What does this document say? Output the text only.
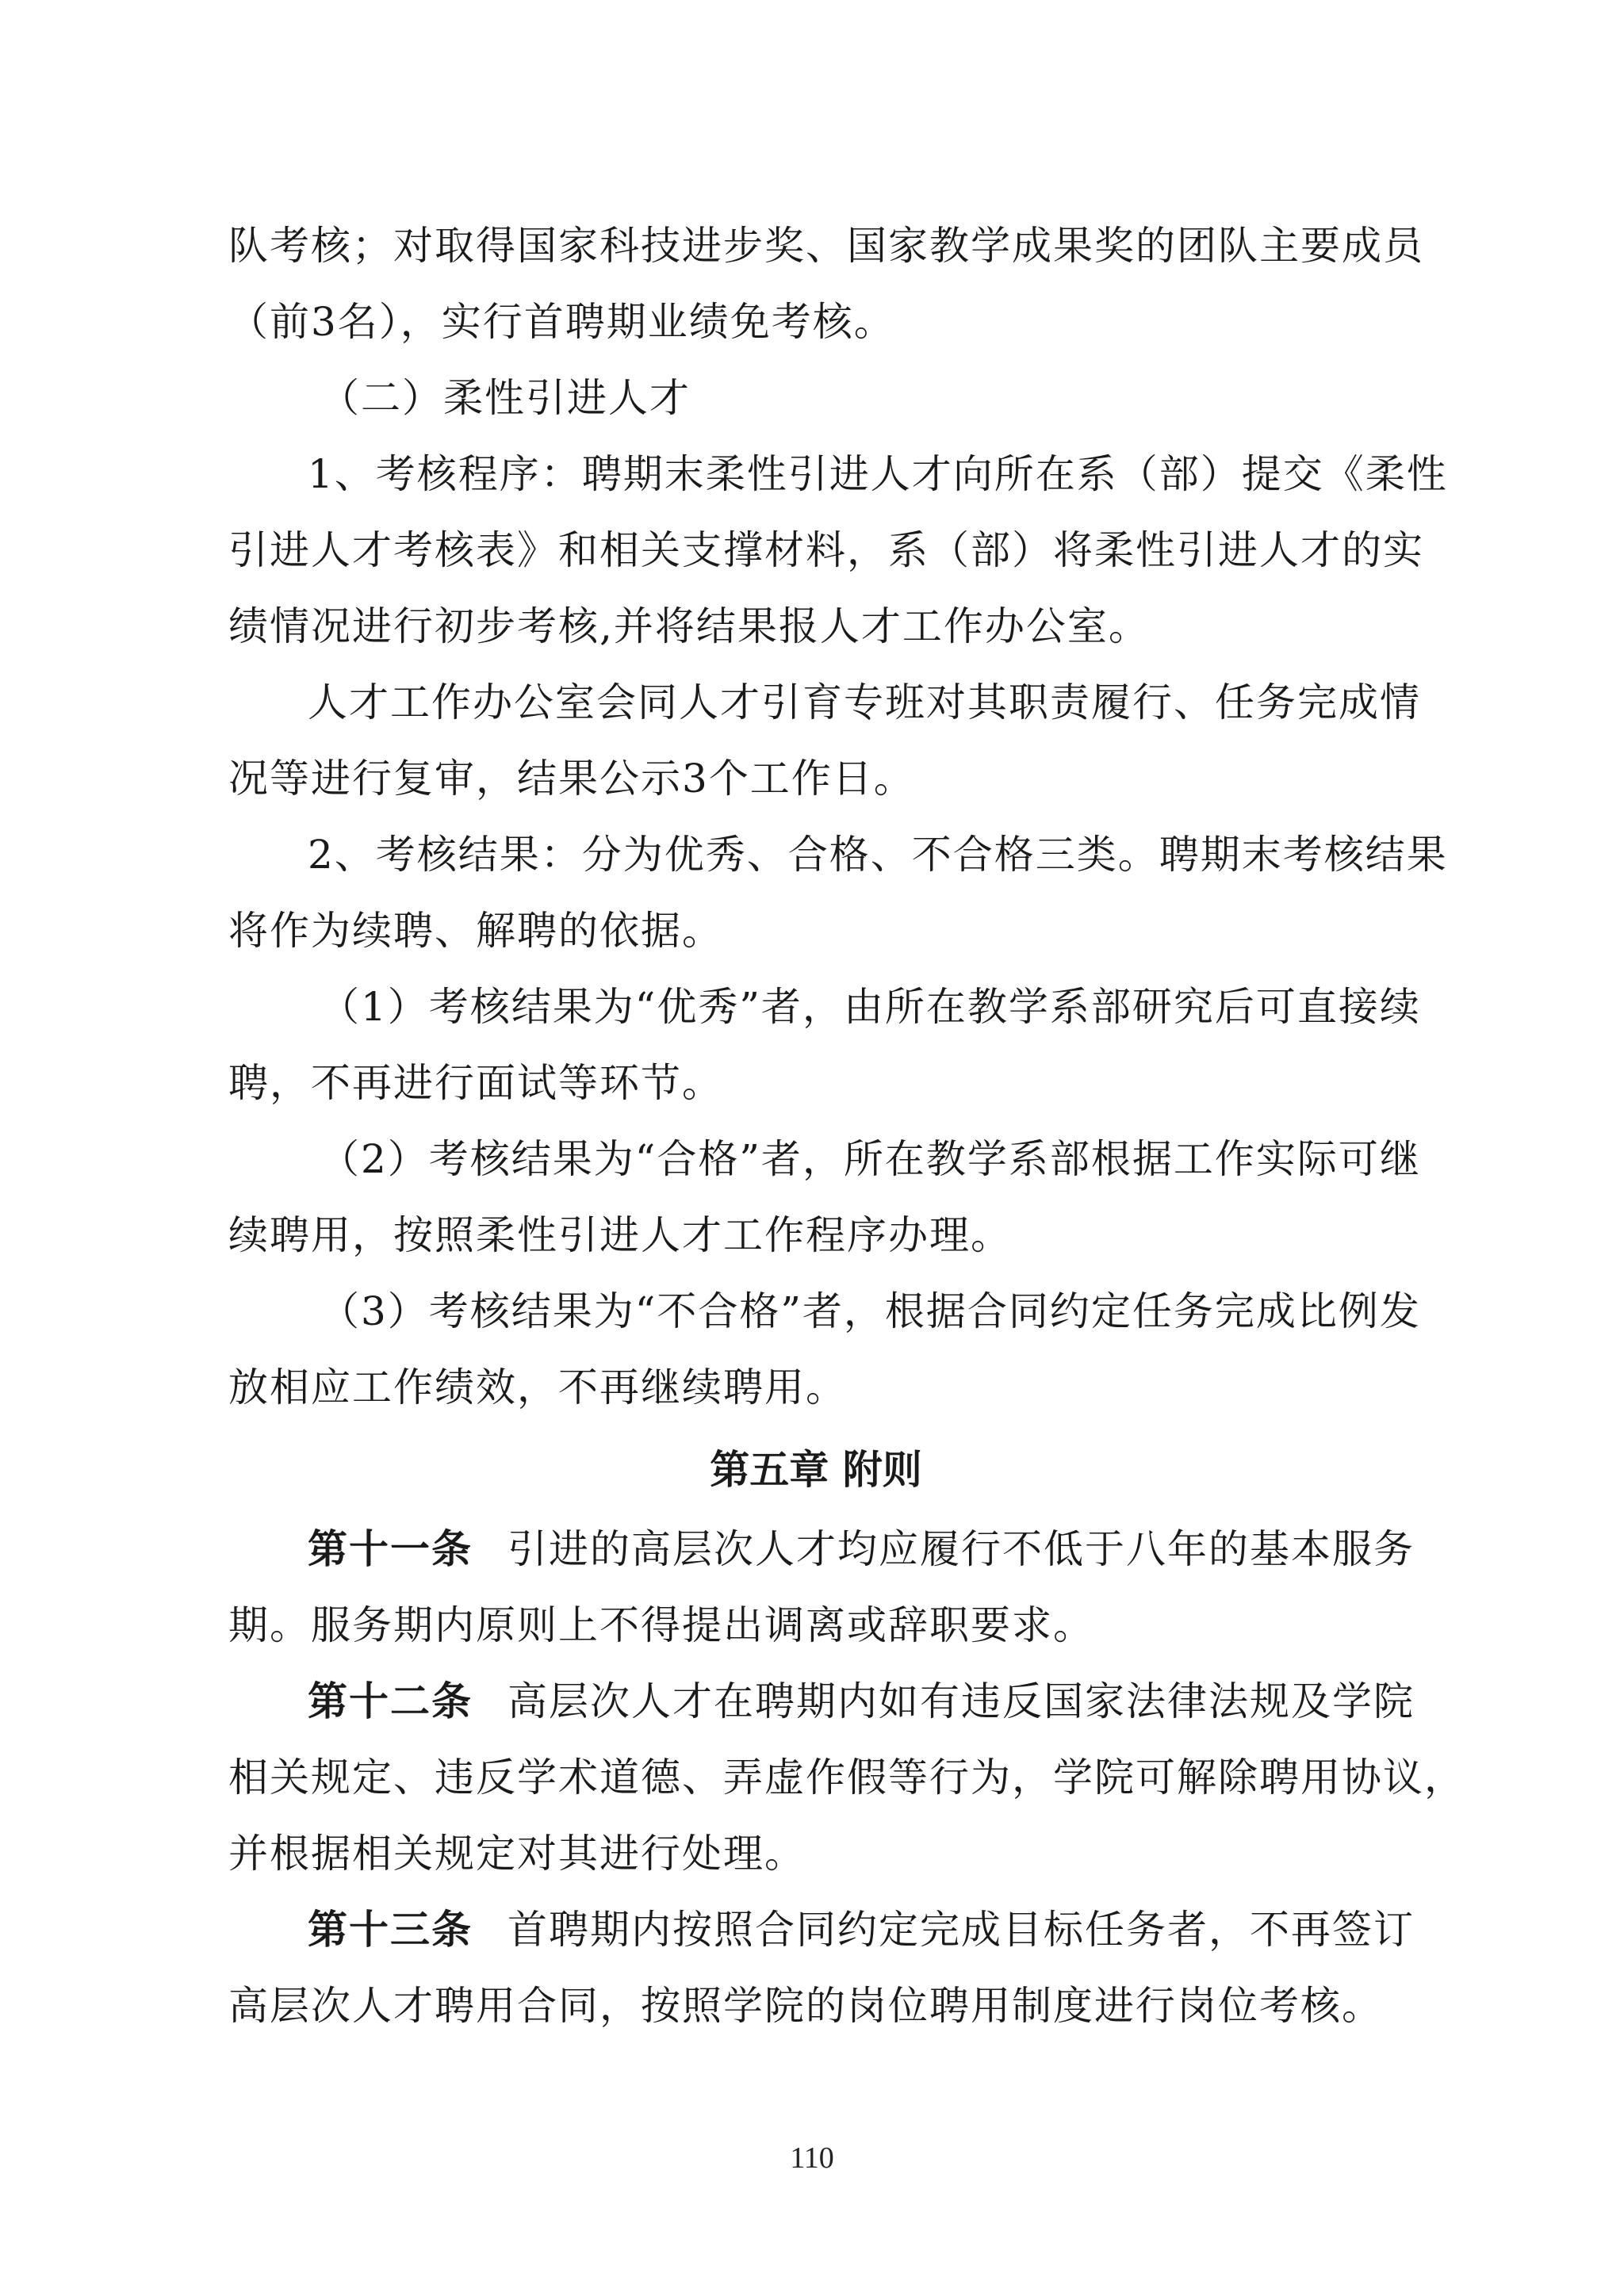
队考核；对取得国家科技进步奖、国家教学成果奖的团队主要成员
（前3名），实行首聘期业绩免考核。
（二）柔性引进人才
1、考核程序：聘期末柔性引进人才向所在系（部）提交《柔性
引进人才考核表》和相关支撑材料，系（部）将柔性引进人才的实
绩情况进行初步考核,并将结果报人才工作办公室。
人才工作办公室会同人才引育专班对其职责履行、任务完成情
况等进行复审，结果公示3个工作日。
2、考核结果：分为优秀、合格、不合格三类。聘期末考核结果
将作为续聘、解聘的依据。
（1）考核结果为“优秀”者，由所在教学系部研究后可直接续
聘，不再进行面试等环节。
（2）考核结果为“合格”者，所在教学系部根据工作实际可继
续聘用，按照柔性引进人才工作程序办理。
（3）考核结果为“不合格”者，根据合同约定任务完成比例发
放相应工作绩效，不再继续聘用。
第五章 附则
第十一条 引进的高层次人才均应履行不低于八年的基本服务
期。服务期内原则上不得提出调离或辞职要求。
第十二条 高层次人才在聘期内如有违反国家法律法规及学院
相关规定、违反学术道德、弄虚作假等行为，学院可解除聘用协议，
并根据相关规定对其进行处理。
第十三条 首聘期内按照合同约定完成目标任务者，不再签订
高层次人才聘用合同，按照学院的岗位聘用制度进行岗位考核。
110
